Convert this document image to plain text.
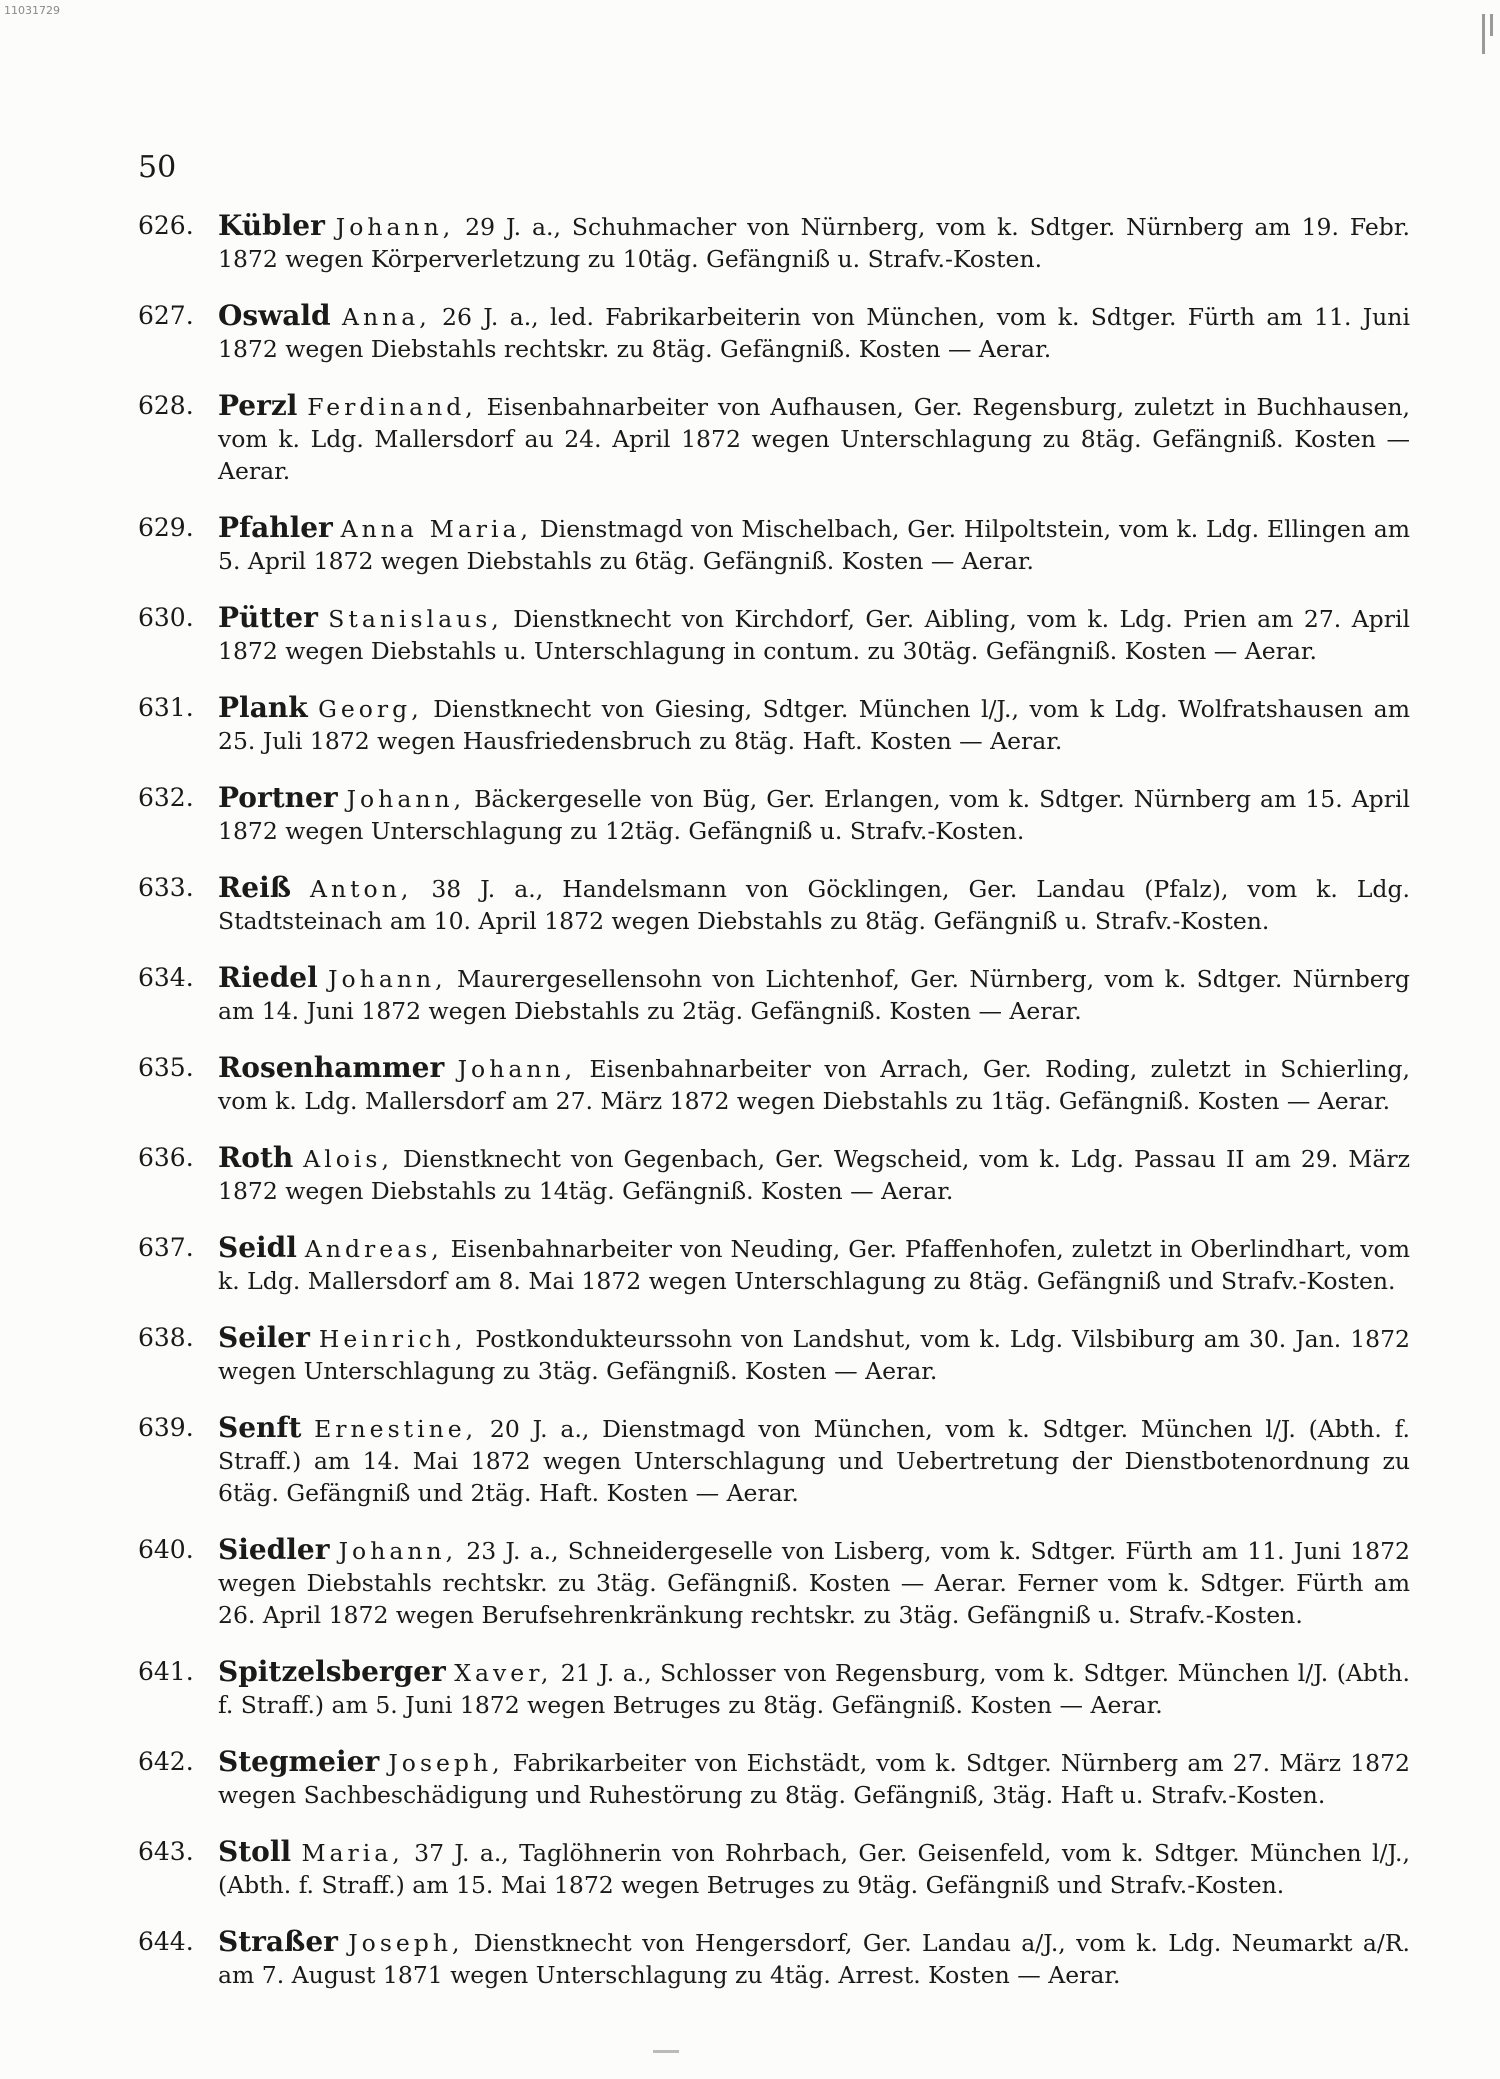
11031729
50
626. Kübler Johann, 29 J. a., Schuhmacher von Nürnberg, vom k. Sdtger. Nürnberg am 19. Febr. 1872 wegen Körperverletzung zu 10täg. Gefängniß u. Strafv.-Kosten.
627. Oswald Anna, 26 J. a., led. Fabrikarbeiterin von München, vom k. Sdtger. Fürth am 11. Juni 1872 wegen Diebstahls rechtskr. zu 8täg. Gefängniß. Kosten — Aerar.
628. Perzl Ferdinand, Eisenbahnarbeiter von Aufhausen, Ger. Regensburg, zuletzt in Buchhausen, vom k. Ldg. Mallersdorf au 24. April 1872 wegen Unterschlagung zu 8täg. Gefängniß. Kosten — Aerar.
629. Pfahler Anna Maria, Dienstmagd von Mischelbach, Ger. Hilpoltstein, vom k. Ldg. Ellingen am 5. April 1872 wegen Diebstahls zu 6täg. Gefängniß. Kosten — Aerar.
630. Pütter Stanislaus, Dienstknecht von Kirchdorf, Ger. Aibling, vom k. Ldg. Prien am 27. April 1872 wegen Diebstahls u. Unterschlagung in contum. zu 30täg. Gefängniß. Kosten — Aerar.
631. Plank Georg, Dienstknecht von Giesing, Sdtger. München l/J., vom k Ldg. Wolfratshausen am 25. Juli 1872 wegen Hausfriedensbruch zu 8täg. Haft. Kosten — Aerar.
632. Portner Johann, Bäckergeselle von Büg, Ger. Erlangen, vom k. Sdtger. Nürnberg am 15. April 1872 wegen Unterschlagung zu 12täg. Gefängniß u. Strafv.-Kosten.
633. Reiß Anton, 38 J. a., Handelsmann von Göcklingen, Ger. Landau (Pfalz), vom k. Ldg. Stadtsteinach am 10. April 1872 wegen Diebstahls zu 8täg. Gefängniß u. Strafv.-Kosten.
634. Riedel Johann, Maurergesellensohn von Lichtenhof, Ger. Nürnberg, vom k. Sdtger. Nürnberg am 14. Juni 1872 wegen Diebstahls zu 2täg. Gefängniß. Kosten — Aerar.
635. Rosenhammer Johann, Eisenbahnarbeiter von Arrach, Ger. Roding, zuletzt in Schierling, vom k. Ldg. Mallersdorf am 27. März 1872 wegen Diebstahls zu 1täg. Gefängniß. Kosten — Aerar.
636. Roth Alois, Dienstknecht von Gegenbach, Ger. Wegscheid, vom k. Ldg. Passau II am 29. März 1872 wegen Diebstahls zu 14täg. Gefängniß. Kosten — Aerar.
637. Seidl Andreas, Eisenbahnarbeiter von Neuding, Ger. Pfaffenhofen, zuletzt in Oberlindhart, vom k. Ldg. Mallersdorf am 8. Mai 1872 wegen Unterschlagung zu 8täg. Gefängniß und Strafv.-Kosten.
638. Seiler Heinrich, Postkondukteurssohn von Landshut, vom k. Ldg. Vilsbiburg am 30. Jan. 1872 wegen Unterschlagung zu 3täg. Gefängniß. Kosten — Aerar.
639. Senft Ernestine, 20 J. a., Dienstmagd von München, vom k. Sdtger. München l/J. (Abth. f. Straff.) am 14. Mai 1872 wegen Unterschlagung und Uebertretung der Dienstbotenordnung zu 6täg. Gefängniß und 2täg. Haft. Kosten — Aerar.
640. Siedler Johann, 23 J. a., Schneidergeselle von Lisberg, vom k. Sdtger. Fürth am 11. Juni 1872 wegen Diebstahls rechtskr. zu 3täg. Gefängniß. Kosten — Aerar. Ferner vom k. Sdtger. Fürth am 26. April 1872 wegen Berufsehrenkränkung rechtskr. zu 3täg. Gefängniß u. Strafv.-Kosten.
641. Spitzelsberger Xaver, 21 J. a., Schlosser von Regensburg, vom k. Sdtger. München l/J. (Abth. f. Straff.) am 5. Juni 1872 wegen Betruges zu 8täg. Gefängniß. Kosten — Aerar.
642. Stegmeier Joseph, Fabrikarbeiter von Eichstädt, vom k. Sdtger. Nürnberg am 27. März 1872 wegen Sachbeschädigung und Ruhestörung zu 8täg. Gefängniß, 3täg. Haft u. Strafv.-Kosten.
643. Stoll Maria, 37 J. a., Taglöhnerin von Rohrbach, Ger. Geisenfeld, vom k. Sdtger. München l/J., (Abth. f. Straff.) am 15. Mai 1872 wegen Betruges zu 9täg. Gefängniß und Strafv.-Kosten.
644. Straßer Joseph, Dienstknecht von Hengersdorf, Ger. Landau a/J., vom k. Ldg. Neumarkt a/R. am 7. August 1871 wegen Unterschlagung zu 4täg. Arrest. Kosten — Aerar.
